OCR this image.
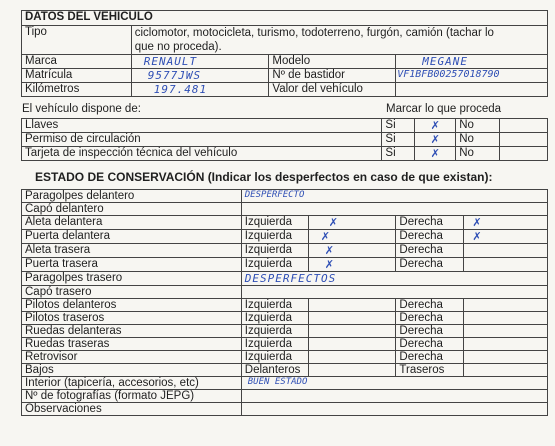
DATOS DEL VEHÍCULO			
Tipo	ciclomotor, motocicleta, turismo, todoterreno, furgón, camión (tachar lo
que no proceda).		

Marca	RENAULT	Modelo	MEGANE
Matrícula	9577JWS	Nº de bastidor	VF1BFB00257018790
Kilómetros	197.481	Valor del vehículo	
El vehículo dispone de:	Marcar lo que proceda
Llaves	Si	✗	No	
Permiso de circulación	Si	✗	No	
Tarjeta de inspección técnica del vehículo	Si	✗	No	
ESTADO DE CONSERVACIÓN (Indicar los desperfectos en caso de que existan):
Paragolpes delantero	DESPERFECTO			
Capó delantero				
Aleta delantera	Izquierda	✗	Derecha	✗
Puerta delantera	Izquierda	✗	Derecha	✗
Aleta trasera	Izquierda	✗	Derecha	
Puerta trasera	Izquierda	✗	Derecha	
Paragolpes trasero	DESPERFECTOS			
Capó trasero				
Pilotos delanteros	Izquierda		Derecha	
Pilotos traseros	Izquierda		Derecha	
Ruedas delanteras	Izquierda		Derecha	
Ruedas traseras	Izquierda		Derecha	
Retrovisor	Izquierda		Derecha	
Bajos	Delanteros		Traseros	
Interior (tapicería, accesorios, etc)	BUEN ESTADO			
Nº de fotografías (formato JEPG)				
Observaciones				
